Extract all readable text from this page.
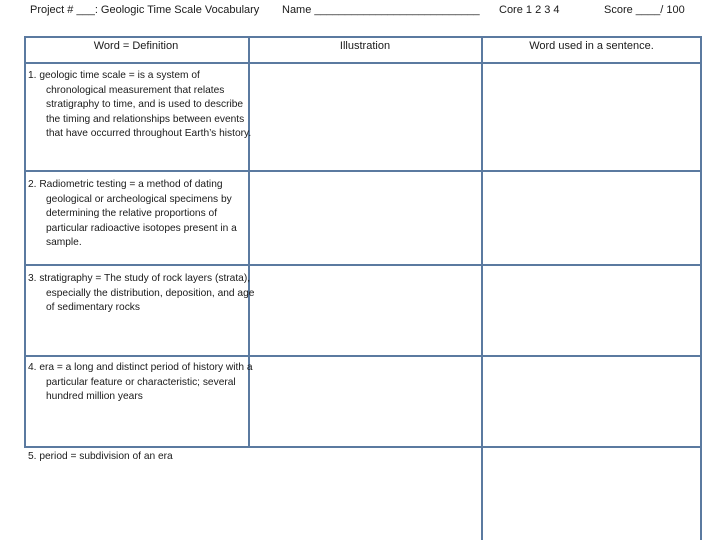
Project # ___: Geologic Time Scale Vocabulary Name ___________________________ Core 1 2 3 4	Score ____/ 100
Word = Definition	Illustration	Word used in a sentence.
1. geologic time scale = is a system of chronological measurement that relates stratigraphy to time, and is used to describe the timing and relationships between events that have occurred throughout Earth’s history.
2. Radiometric testing = a method of dating geological or archeological specimens by determining the relative proportions of particular radioactive isotopes present in a sample.
3. stratigraphy = The study of rock layers (strata), especially the distribution, deposition, and age of sedimentary rocks
4. era = a long and distinct period of history with a particular feature or characteristic; several hundred million years
5. period = subdivision of an era
